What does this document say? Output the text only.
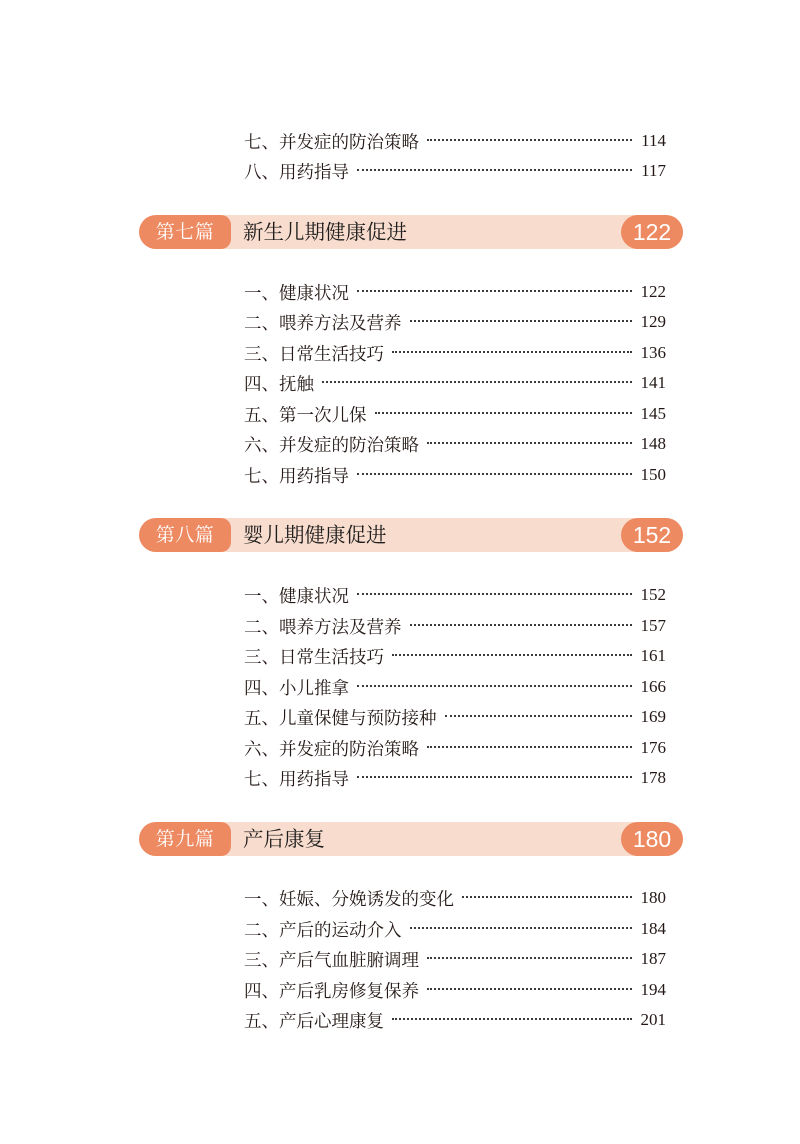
七、并发症的防治策略	114
八、用药指导	117
第七篇	新生儿期健康促进	122
一、健康状况	122
二、喂养方法及营养	129
三、日常生活技巧	136
四、抚触	141
五、第一次儿保	145
六、并发症的防治策略	148
七、用药指导	150
第八篇	婴儿期健康促进	152
一、健康状况	152
二、喂养方法及营养	157
三、日常生活技巧	161
四、小儿推拿	166
五、儿童保健与预防接种	169
六、并发症的防治策略	176
七、用药指导	178
第九篇	产后康复	180
一、妊娠、分娩诱发的变化	180
二、产后的运动介入	184
三、产后气血脏腑调理	187
四、产后乳房修复保养	194
五、产后心理康复	201
